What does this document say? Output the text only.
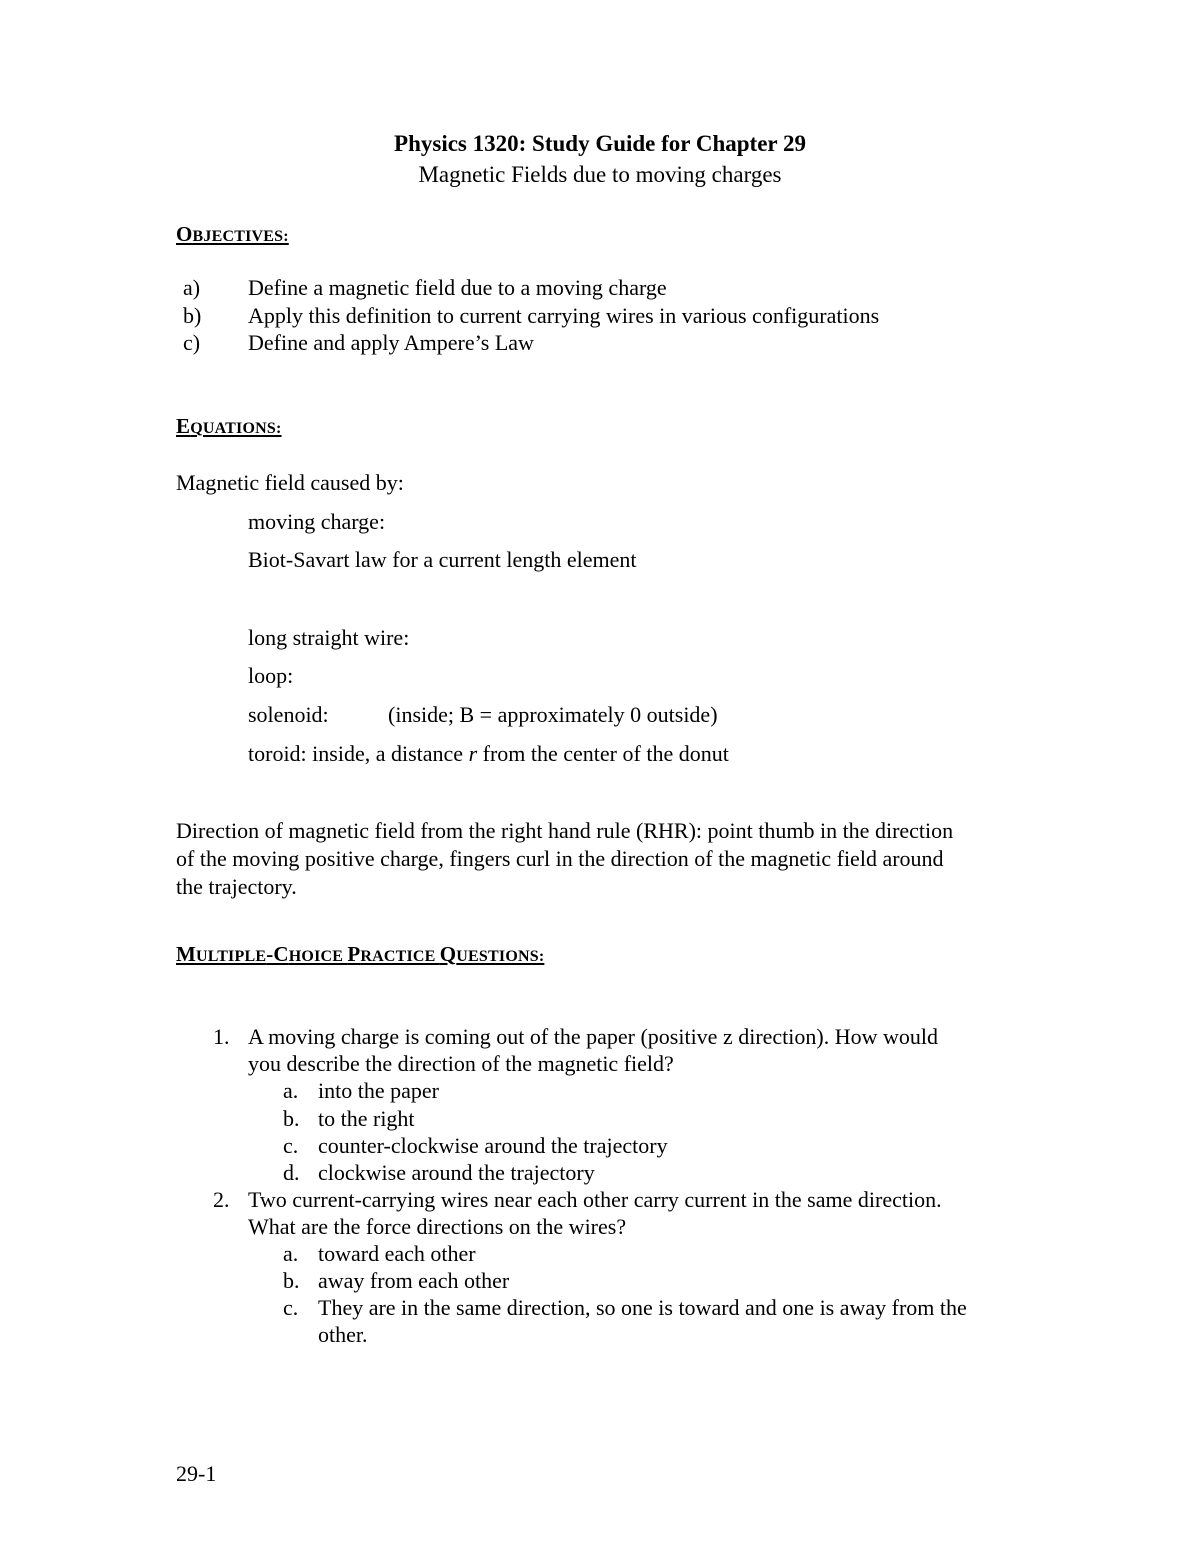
Physics 1320: Study Guide for Chapter 29

Magnetic Fields due to moving charges

OBJECTIVES:

a) Define a magnetic field due to a moving charge
b) Apply this definition to current carrying wires in various configurations
c) Define and apply Ampere’s Law

EQUATIONS:

Magnetic field caused by:

moving charge:

Biot-Savart law for a current length element

long straight wire:

loop:

solenoid:	(inside; B = approximately 0 outside)

toroid: inside, a distance r from the center of the donut

Direction of magnetic field from the right hand rule (RHR): point thumb in the direction

of the moving positive charge, fingers curl in the direction of the magnetic field around

the trajectory.

MULTIPLE-CHOICE PRACTICE QUESTIONS:

1. A moving charge is coming out of the paper (positive z direction). How would
you describe the direction of the magnetic field?
a. into the paper
b. to the right
c. counter-clockwise around the trajectory
d. clockwise around the trajectory
2. Two current-carrying wires near each other carry current in the same direction.
What are the force directions on the wires?
a. toward each other
b. away from each other
c. They are in the same direction, so one is toward and one is away from the
other.

29-1
